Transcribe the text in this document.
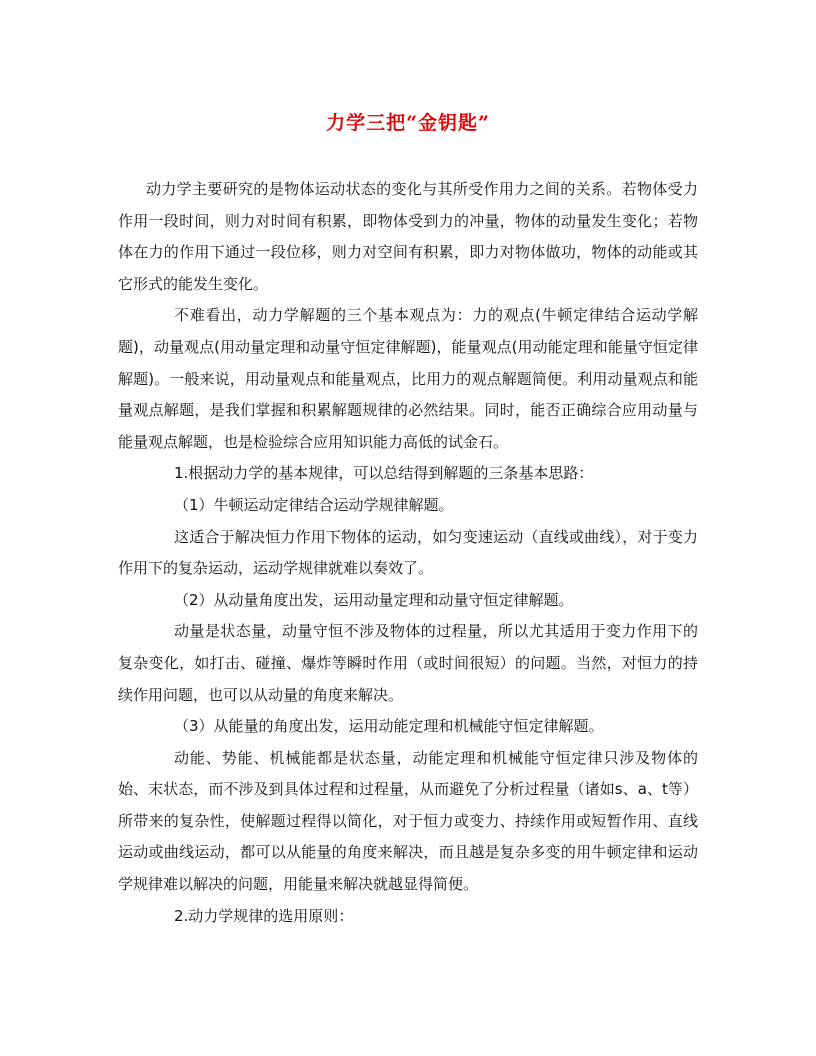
力学三把“金钥匙”

动力学主要研究的是物体运动状态的变化与其所受作用力之间的关系。若物体受力作用一段时间，则力对时间有积累，即物体受到力的冲量，物体的动量发生变化；若物体在力的作用下通过一段位移，则力对空间有积累，即力对物体做功，物体的动能或其它形式的能发生变化。

不难看出，动力学解题的三个基本观点为：力的观点(牛顿定律结合运动学解题)，动量观点(用动量定理和动量守恒定律解题)，能量观点(用动能定理和能量守恒定律解题)。一般来说，用动量观点和能量观点，比用力的观点解题简便。利用动量观点和能量观点解题，是我们掌握和积累解题规律的必然结果。同时，能否正确综合应用动量与能量观点解题，也是检验综合应用知识能力高低的试金石。

1.根据动力学的基本规律，可以总结得到解题的三条基本思路：

（1）牛顿运动定律结合运动学规律解题。

这适合于解决恒力作用下物体的运动，如匀变速运动（直线或曲线），对于变力作用下的复杂运动，运动学规律就难以奏效了。

（2）从动量角度出发，运用动量定理和动量守恒定律解题。

动量是状态量，动量守恒不涉及物体的过程量，所以尤其适用于变力作用下的复杂变化，如打击、碰撞、爆炸等瞬时作用（或时间很短）的问题。当然，对恒力的持续作用问题，也可以从动量的角度来解决。

（3）从能量的角度出发，运用动能定理和机械能守恒定律解题。

动能、势能、机械能都是状态量，动能定理和机械能守恒定律只涉及物体的始、末状态，而不涉及到具体过程和过程量，从而避免了分析过程量（诸如s、a、t等）所带来的复杂性，使解题过程得以简化，对于恒力或变力、持续作用或短暂作用、直线运动或曲线运动，都可以从能量的角度来解决，而且越是复杂多变的用牛顿定律和运动学规律难以解决的问题，用能量来解决就越显得简便。

2.动力学规律的选用原则：
